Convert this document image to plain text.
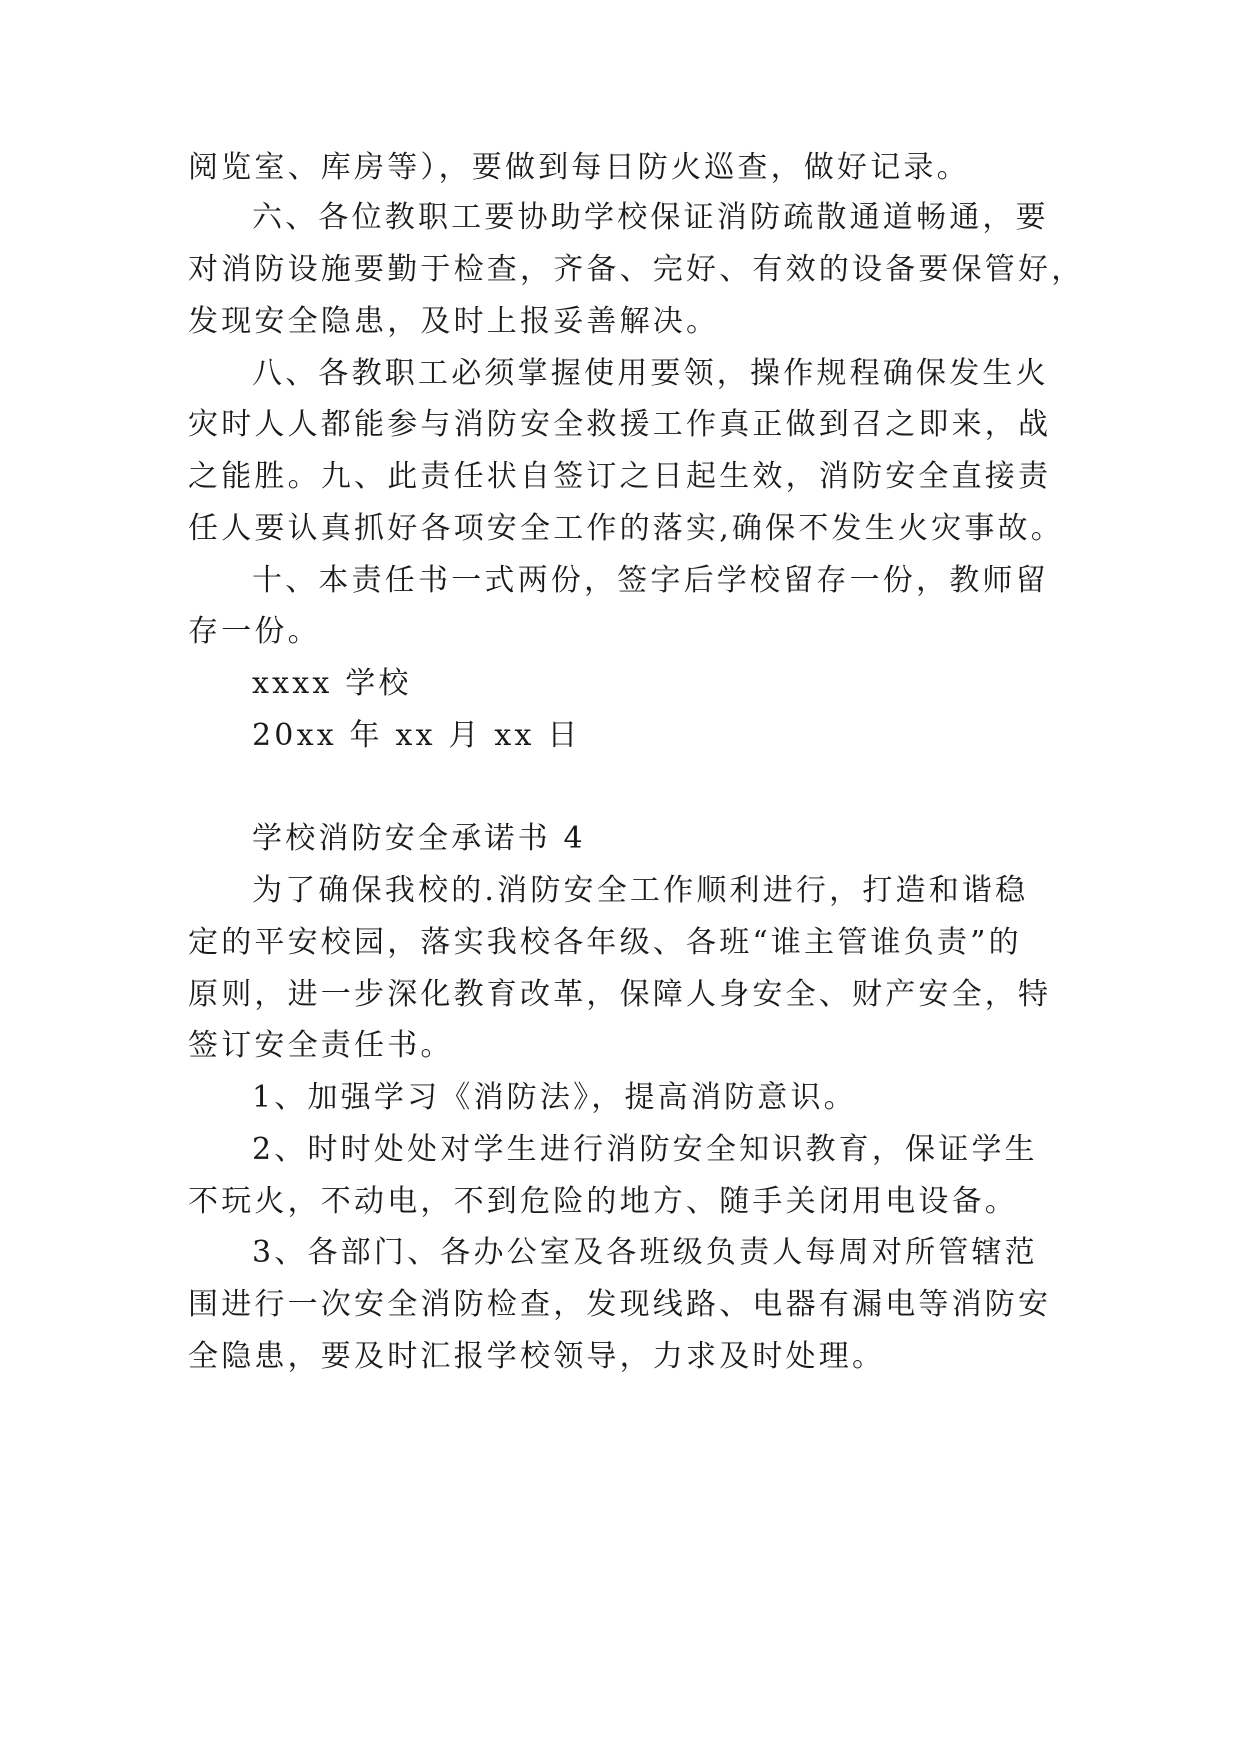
阅览室、库房等），要做到每日防火巡查，做好记录。
六、各位教职工要协助学校保证消防疏散通道畅通，要
对消防设施要勤于检查，齐备、完好、有效的设备要保管好，
发现安全隐患，及时上报妥善解决。
八、各教职工必须掌握使用要领，操作规程确保发生火
灾时人人都能参与消防安全救援工作真正做到召之即来，战
之能胜。九、此责任状自签订之日起生效，消防安全直接责
任人要认真抓好各项安全工作的落实,确保不发生火灾事故。
十、本责任书一式两份，签字后学校留存一份，教师留
存一份。
xxxx 学校
20xx 年 xx 月 xx 日
学校消防安全承诺书 4
为了确保我校的.消防安全工作顺利进行，打造和谐稳
定的平安校园，落实我校各年级、各班“谁主管谁负责”的
原则，进一步深化教育改革，保障人身安全、财产安全，特
签订安全责任书。
1、加强学习《消防法》，提高消防意识。
2、时时处处对学生进行消防安全知识教育，保证学生
不玩火，不动电，不到危险的地方、随手关闭用电设备。
3、各部门、各办公室及各班级负责人每周对所管辖范
围进行一次安全消防检查，发现线路、电器有漏电等消防安
全隐患，要及时汇报学校领导，力求及时处理。
